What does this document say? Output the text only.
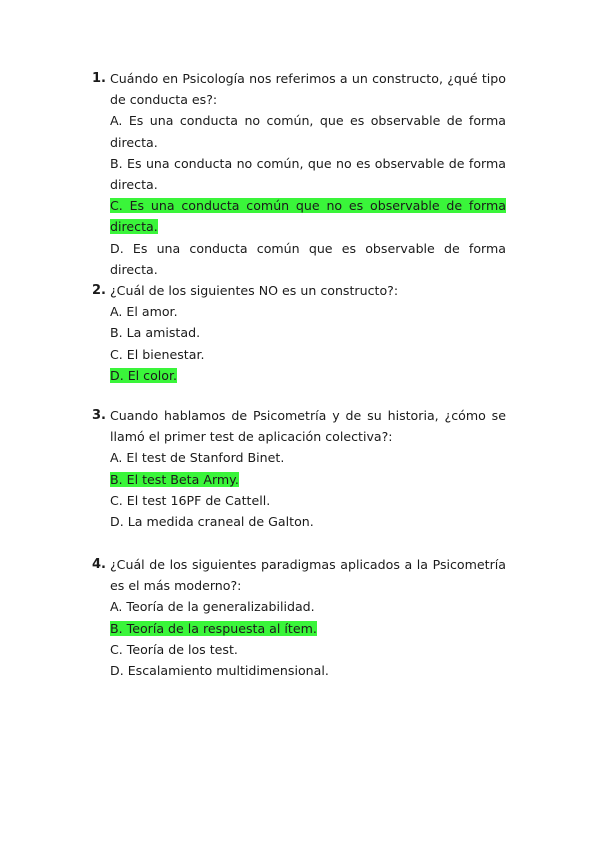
1. Cuándo en Psicología nos referimos a un constructo, ¿qué tipo de conducta es?:
A. Es una conducta no común, que es observable de forma directa.
B. Es una conducta no común, que no es observable de forma directa.
C. Es una conducta común que no es observable de forma directa.
D. Es una conducta común que es observable de forma directa.
2. ¿Cuál de los siguientes NO es un constructo?:
A. El amor.
B. La amistad.
C. El bienestar.
D. El color.
3. Cuando hablamos de Psicometría y de su historia, ¿cómo se llamó el primer test de aplicación colectiva?:
A. El test de Stanford Binet.
B. El test Beta Army.
C. El test 16PF de Cattell.
D. La medida craneal de Galton.
4. ¿Cuál de los siguientes paradigmas aplicados a la Psicometría es el más moderno?:
A. Teoría de la generalizabilidad.
B. Teoría de la respuesta al ítem.
C. Teoría de los test.
D. Escalamiento multidimensional.
